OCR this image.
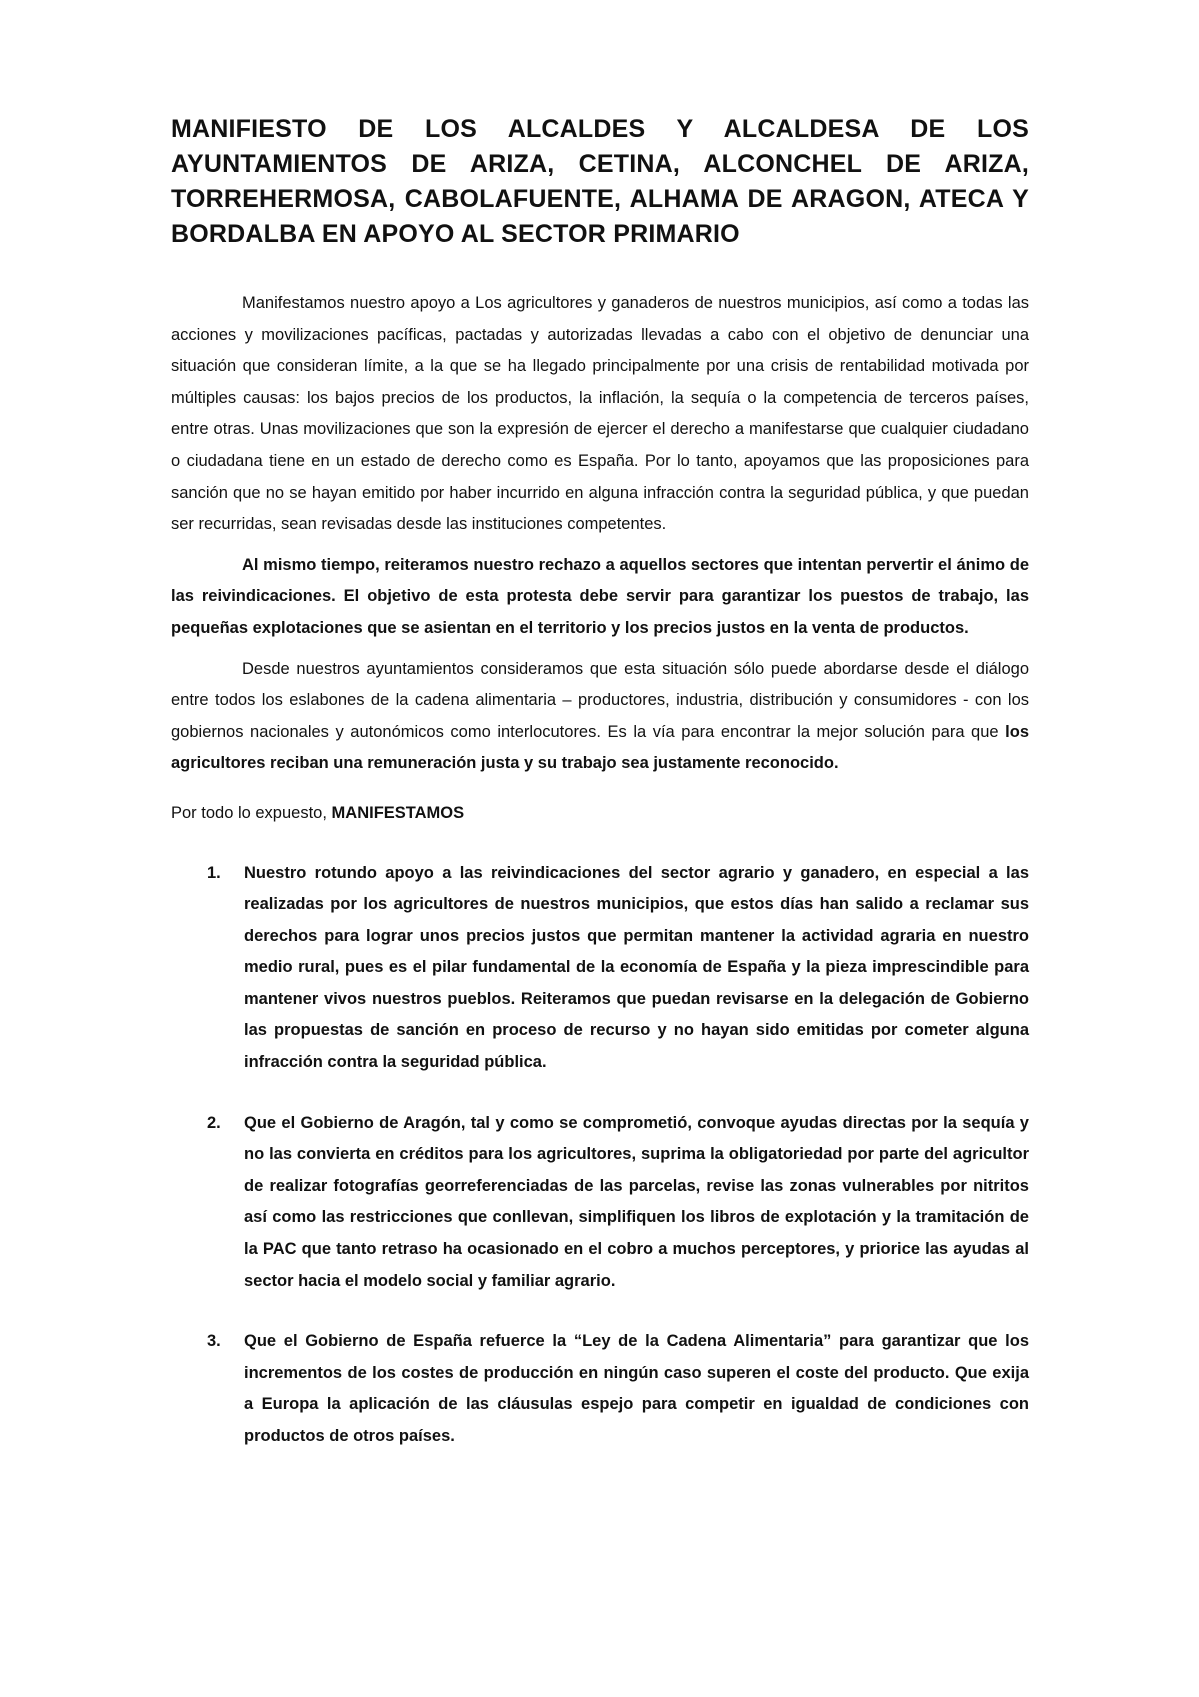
MANIFIESTO DE LOS ALCALDES Y ALCALDESA DE LOS AYUNTAMIENTOS DE ARIZA, CETINA, ALCONCHEL DE ARIZA, TORREHERMOSA, CABOLAFUENTE, ALHAMA DE ARAGON, ATECA Y BORDALBA EN APOYO AL SECTOR PRIMARIO

Manifestamos nuestro apoyo a Los agricultores y ganaderos de nuestros municipios, así como a todas las acciones y movilizaciones pacíficas, pactadas y autorizadas llevadas a cabo con el objetivo de denunciar una situación que consideran límite, a la que se ha llegado principalmente por una crisis de rentabilidad motivada por múltiples causas: los bajos precios de los productos, la inflación, la sequía o la competencia de terceros países, entre otras. Unas movilizaciones que son la expresión de ejercer el derecho a manifestarse que cualquier ciudadano o ciudadana tiene en un estado de derecho como es España. Por lo tanto, apoyamos que las proposiciones para sanción que no se hayan emitido por haber incurrido en alguna infracción contra la seguridad pública, y que puedan ser recurridas, sean revisadas desde las instituciones competentes.

Al mismo tiempo, reiteramos nuestro rechazo a aquellos sectores que intentan pervertir el ánimo de las reivindicaciones. El objetivo de esta protesta debe servir para garantizar los puestos de trabajo, las pequeñas explotaciones que se asientan en el territorio y los precios justos en la venta de productos.

Desde nuestros ayuntamientos consideramos que esta situación sólo puede abordarse desde el diálogo entre todos los eslabones de la cadena alimentaria – productores, industria, distribución y consumidores - con los gobiernos nacionales y autonómicos como interlocutores. Es la vía para encontrar la mejor solución para que los agricultores reciban una remuneración justa y su trabajo sea justamente reconocido.

Por todo lo expuesto, MANIFESTAMOS

1. Nuestro rotundo apoyo a las reivindicaciones del sector agrario y ganadero, en especial a las realizadas por los agricultores de nuestros municipios, que estos días han salido a reclamar sus derechos para lograr unos precios justos que permitan mantener la actividad agraria en nuestro medio rural, pues es el pilar fundamental de la economía de España y la pieza imprescindible para mantener vivos nuestros pueblos. Reiteramos que puedan revisarse en la delegación de Gobierno las propuestas de sanción en proceso de recurso y no hayan sido emitidas por cometer alguna infracción contra la seguridad pública.
2. Que el Gobierno de Aragón, tal y como se comprometió, convoque ayudas directas por la sequía y no las convierta en créditos para los agricultores, suprima la obligatoriedad por parte del agricultor de realizar fotografías georreferenciadas de las parcelas, revise las zonas vulnerables por nitritos así como las restricciones que conllevan, simplifiquen los libros de explotación y la tramitación de la PAC que tanto retraso ha ocasionado en el cobro a muchos perceptores, y priorice las ayudas al sector hacia el modelo social y familiar agrario.
3. Que el Gobierno de España refuerce la “Ley de la Cadena Alimentaria” para garantizar que los incrementos de los costes de producción en ningún caso superen el coste del producto. Que exija a Europa la aplicación de las cláusulas espejo para competir en igualdad de condiciones con productos de otros países.
